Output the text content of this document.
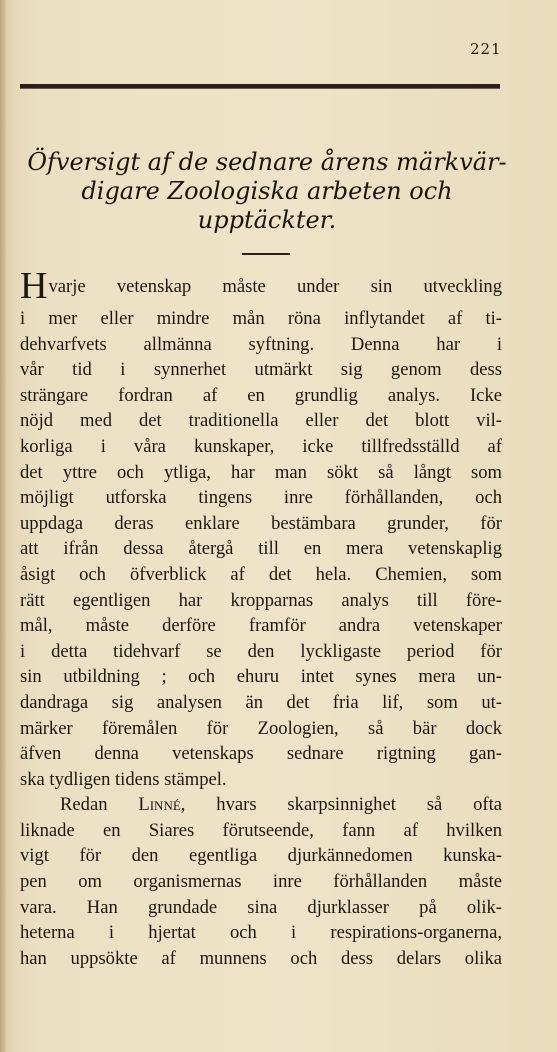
221
Öfversigt af de sednare årens märkvär-
digare Zoologiska arbeten och
upptäckter.
Hvarje vetenskap måste under sin utveckling
i mer eller mindre mån röna inflytandet af ti-
dehvarfvets allmänna syftning. Denna har i
vår tid i synnerhet utmärkt sig genom dess
strängare fordran af en grundlig analys. Icke
nöjd med det traditionella eller det blott vil-
korliga i våra kunskaper, icke tillfredsställd af
det yttre och ytliga, har man sökt så långt som
möjligt utforska tingens inre förhållanden, och
uppdaga deras enklare bestämbara grunder, för
att ifrån dessa återgå till en mera vetenskaplig
åsigt och öfverblick af det hela. Chemien, som
rätt egentligen har kropparnas analys till före-
mål, måste derföre framför andra vetenskaper
i detta tidehvarf se den lyckligaste period för
sin utbildning ; och ehuru intet synes mera un-
dandraga sig analysen än det fria lif, som ut-
märker föremålen för Zoologien, så bär dock
äfven denna vetenskaps sednare rigtning gan-
ska tydligen tidens stämpel.
Redan Linné, hvars skarpsinnighet så ofta
liknade en Siares förutseende, fann af hvilken
vigt för den egentliga djurkännedomen kunska-
pen om organismernas inre förhållanden måste
vara. Han grundade sina djurklasser på olik-
heterna i hjertat och i respirations-organerna,
han uppsökte af munnens och dess delars olika
